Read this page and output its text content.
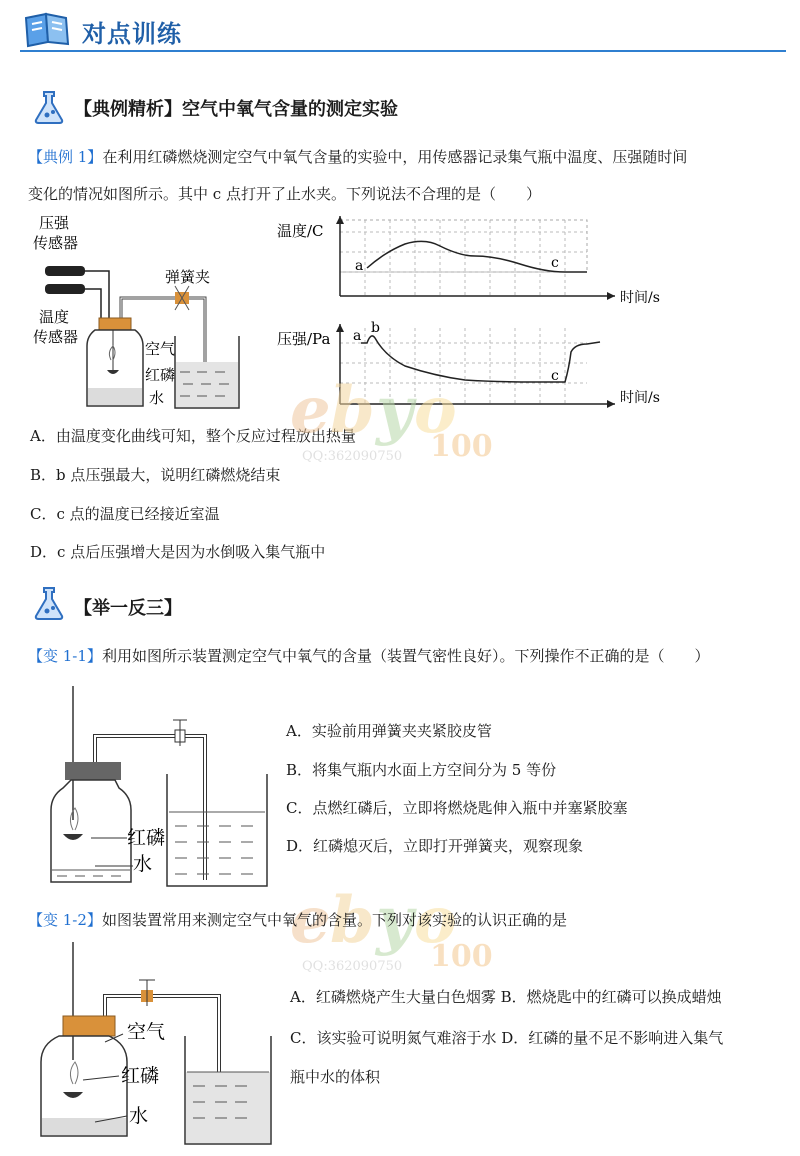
对点训练
【典例精析】空气中氧气含量的测定实验
【典例 1】在利用红磷燃烧测定空气中氧气含量的实验中，用传感器记录集气瓶中温度、压强随时间
变化的情况如图所示。其中 c 点打开了止水夹。下列说法不合理的是（　　）
压强
传感器
温度
传感器
弹簧夹
空气
红磷
水
温度/C
a	c
时间/s
压强/Pa a b
c
时间/s
A．由温度变化曲线可知，整个反应过程放出热量
B．b 点压强最大，说明红磷燃烧结束
C．c 点的温度已经接近室温
D．c 点后压强增大是因为水倒吸入集气瓶中
e b y o
100
QQ:362090750
【举一反三】
【变 1-1】利用如图所示装置测定空气中氧气的含量（装置气密性良好）。下列操作不正确的是（　　）
红磷
水
A．实验前用弹簧夹夹紧胶皮管
B．将集气瓶内水面上方空间分为 5 等份
C．点燃红磷后，立即将燃烧匙伸入瓶中并塞紧胶塞
D．红磷熄灭后，立即打开弹簧夹，观察现象
e b y o
100
QQ:362090750
【变 1-2】如图装置常用来测定空气中氧气的含量。下列对该实验的认识正确的是
空气
红磷
水
A．红磷燃烧产生大量白色烟雾 B．燃烧匙中的红磷可以换成蜡烛
C．该实验可说明氮气难溶于水 D．红磷的量不足不影响进入集气
瓶中水的体积
